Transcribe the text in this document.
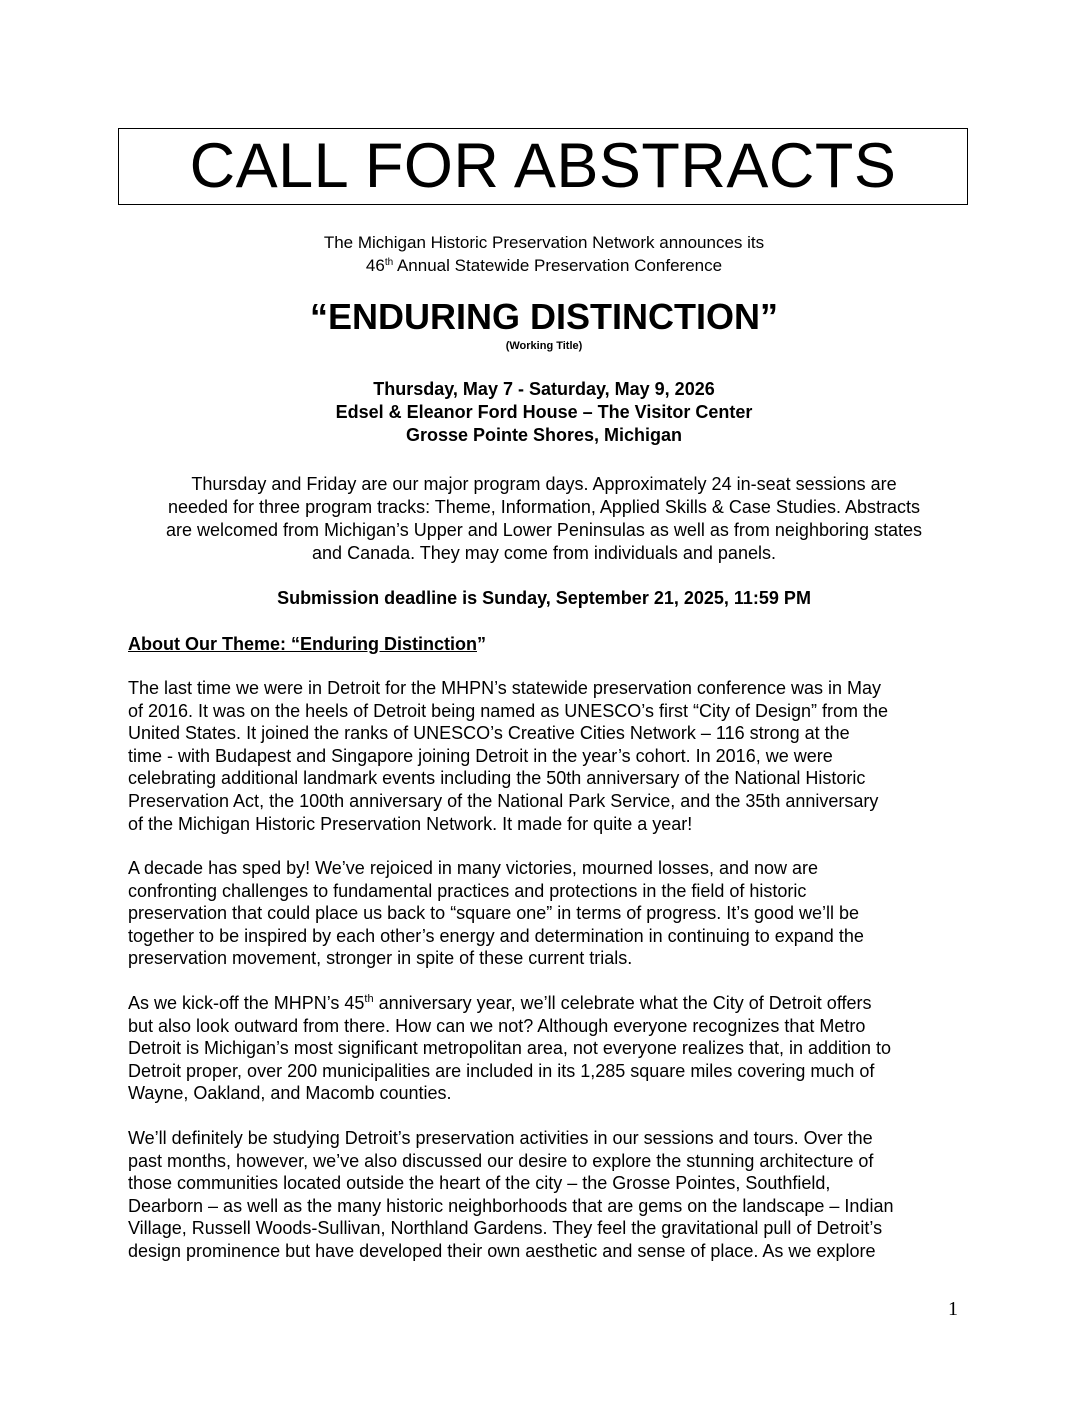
CALL FOR ABSTRACTS
The Michigan Historic Preservation Network announces its
46th Annual Statewide Preservation Conference
“ENDURING DISTINCTION”
(Working Title)
Thursday, May 7 - Saturday, May 9, 2026
Edsel & Eleanor Ford House – The Visitor Center
Grosse Pointe Shores, Michigan

Thursday and Friday are our major program days. Approximately 24 in-seat sessions are

needed for three program tracks: Theme, Information, Applied Skills & Case Studies. Abstracts

are welcomed from Michigan’s Upper and Lower Peninsulas as well as from neighboring states

and Canada. They may come from individuals and panels.

Submission deadline is Sunday, September 21, 2025, 11:59 PM
About Our Theme: “Enduring Distinction”
The last time we were in Detroit for the MHPN’s statewide preservation conference was in May
of 2016. It was on the heels of Detroit being named as UNESCO’s first “City of Design” from the
United States. It joined the ranks of UNESCO’s Creative Cities Network – 116 strong at the
time - with Budapest and Singapore joining Detroit in the year’s cohort. In 2016, we were
celebrating additional landmark events including the 50th anniversary of the National Historic
Preservation Act, the 100th anniversary of the National Park Service, and the 35th anniversary
of the Michigan Historic Preservation Network. It made for quite a year!
A decade has sped by! We’ve rejoiced in many victories, mourned losses, and now are
confronting challenges to fundamental practices and protections in the field of historic
preservation that could place us back to “square one” in terms of progress. It’s good we’ll be
together to be inspired by each other’s energy and determination in continuing to expand the
preservation movement, stronger in spite of these current trials.
As we kick-off the MHPN’s 45th anniversary year, we’ll celebrate what the City of Detroit offers
but also look outward from there. How can we not? Although everyone recognizes that Metro
Detroit is Michigan’s most significant metropolitan area, not everyone realizes that, in addition to
Detroit proper, over 200 municipalities are included in its 1,285 square miles covering much of
Wayne, Oakland, and Macomb counties.
We’ll definitely be studying Detroit’s preservation activities in our sessions and tours. Over the
past months, however, we’ve also discussed our desire to explore the stunning architecture of
those communities located outside the heart of the city – the Grosse Pointes, Southfield,
Dearborn – as well as the many historic neighborhoods that are gems on the landscape – Indian
Village, Russell Woods-Sullivan, Northland Gardens. They feel the gravitational pull of Detroit’s
design prominence but have developed their own aesthetic and sense of place. As we explore
1
